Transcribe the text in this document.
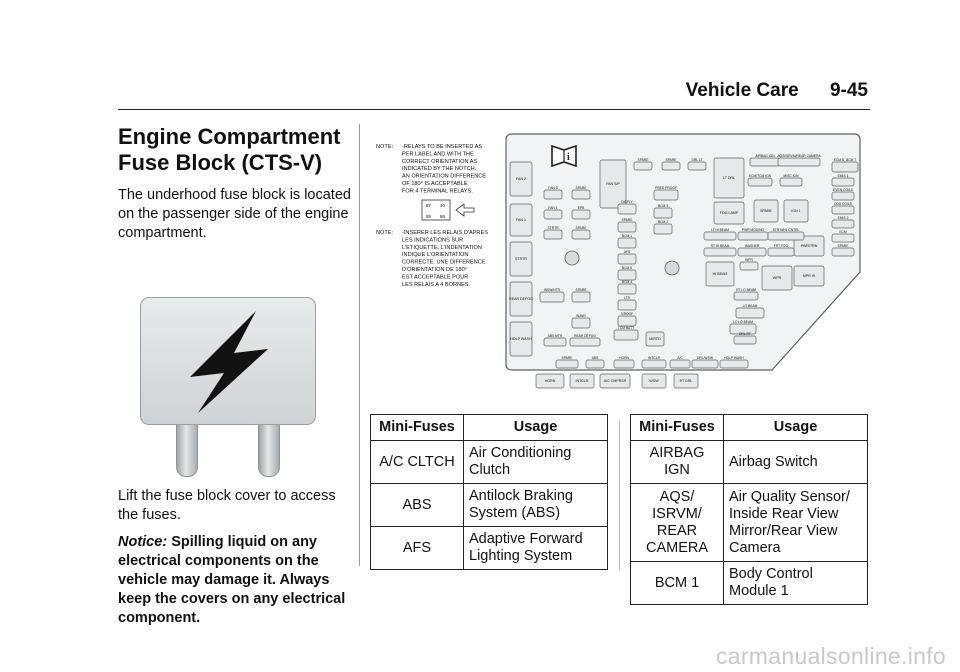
Vehicle Care 9-45
Engine Compartment
Fuse Block (CTS-V)

The underhood fuse block is located on the passenger side of the engine compartment.

Lift the fuse block cover to access the fuses.

Notice: Spilling liquid on any electrical components on the vehicle may damage it. Always keep the covers on any electrical component.

NOTE: -RELAYS TO BE INSERTED AS
PER LABEL AND WITH THE
CORRECT ORIENTATION AS
INDICATED BY THE NOTCH.
AN ORIENTATION DIFFERENCE
OF 180° IS ACCEPTABLE
FOR 4 TERMINAL RELAYS.
NOTE: -INSERER LES RELAIS D'APRES
LES INDICATIONS SUR
L'ETIQUETTE. L'INDENTATION
INDIQUE L'ORIENTATION
CORRECTE. UNE DIFFERENCE
D'ORIENTATION DE 180°
EST ACCEPTABLE POUR
LES RELAIS A 4 BORNES.
87 30
85 86
i
FAN 2
FAN 1
STRTR
REAR DEFOG
HDLP WASH
FAN 3
FAN 1
STRTR
SPARE
EPB
SPARE
WSW/HTR	SPARE
BLWR
ABS MTR	REAR DEFOG
FAN S/P
DISPLY
SPARE
BCM 1
AFS
BCM 5
BCM 4
LTR
S/ROOF
TCM BATT
SPARE	SPARE	DRL LT
PRED PROOF
BCM 3
BCM 2
MIRTO
LT DRL
FOG LAMP
AIRBAG IGN
SPARE
ECM/TCM IGN
AQS/ISRVM/REAR CAMERA
IGN 1
MISC IGN
ECM B, BCM 7
EMIS 1
EVEN COILS
ODD COILS
EMIS 2
ECM
SPARE
PWR/TRN
MPR HI
LT HI BEAM	PWR MODING	STR WHL CNTRL
RT HI BEAM	WASHER	FRT FOG
WPR
HI BEAM
WPR
RT LO BEAM
LO BEAM
LO LO BEAM
DRL RT
SPARE	ABS	HORN	INTCLR	A/C	DRL/WSW	HDLP WASH
HORN	INTCLR	A/C CMPRSR	WSW	RT DRL
Mini-Fuses	Usage
A/C CLTCH	Air Conditioning Clutch
ABS	Antilock Braking System (ABS)
AFS	Adaptive Forward Lighting System
Mini-Fuses	Usage
AIRBAG IGN	Airbag Switch
AQS/ ISRVM/ REAR CAMERA	Air Quality Sensor/ Inside Rear View Mirror/Rear View Camera
BCM 1	Body Control Module 1
carmanualsonline.info
